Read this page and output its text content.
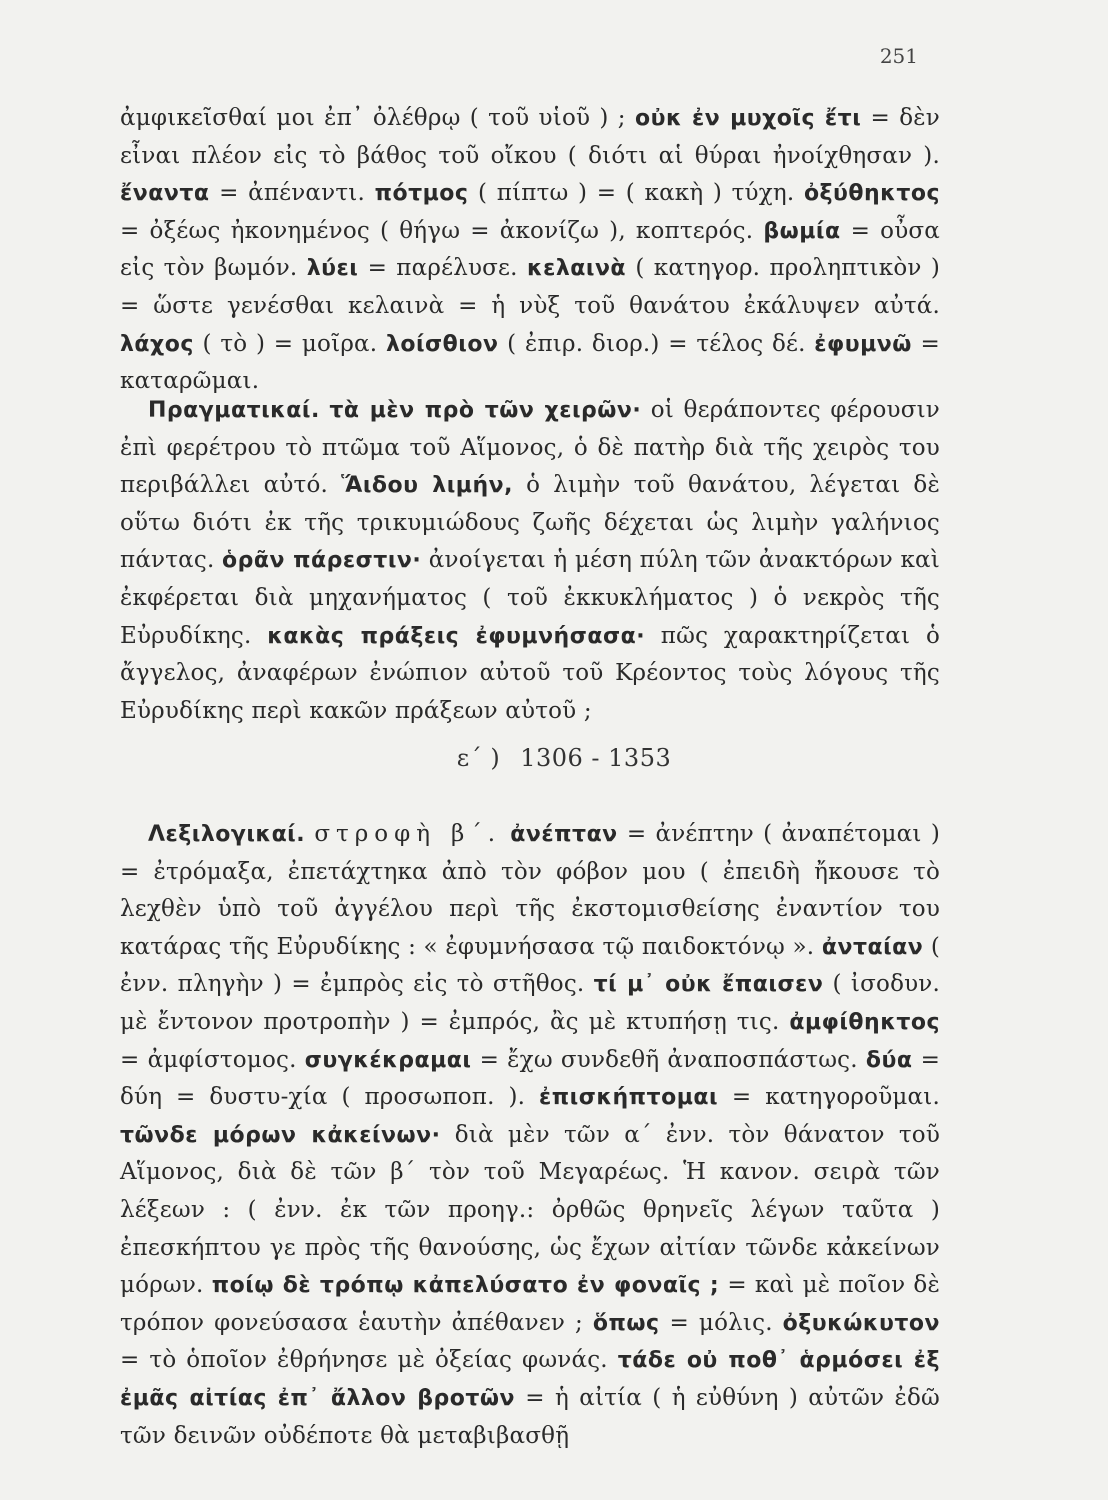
251
ἀμφικεῖσθαί μοι ἐπ᾽ ὀλέθρῳ ( τοῦ υἱοῦ ) ; οὐκ ἐν μυχοῖς ἔτι = δὲν εἶναι πλέον εἰς τὸ βάθος τοῦ οἴκου ( διότι αἱ θύραι ἠνοίχθησαν ). ἔναντα = ἀπέναντι. πότμος ( πίπτω ) = ( κακὴ ) τύχη. ὀξύθηκτος = ὀξέως ἠκονημένος ( θήγω = ἀκονίζω ), κοπτερός. βωμία = οὖσα εἰς τὸν βωμόν. λύει = παρέλυσε. κελαινὰ ( κατηγορ. προληπτικὸν ) = ὥστε γενέσθαι κελαινὰ = ἡ νὺξ τοῦ θανάτου ἐκάλυψεν αὐτά. λάχος ( τὸ ) = μοῖρα. λοίσθιον ( ἐπιρ. διορ.) = τέλος δέ. ἐφυμνῶ = καταρῶμαι.
Πραγματικαί. τὰ μὲν πρὸ τῶν χειρῶν· οἱ θεράποντες φέρουσιν ἐπὶ φερέτρου τὸ πτῶμα τοῦ Αἵμονος, ὁ δὲ πατὴρ διὰ τῆς χειρὸς του περιβάλλει αὐτό. Ἅιδου λιμήν, ὁ λιμὴν τοῦ θανάτου, λέγεται δὲ οὕτω διότι ἐκ τῆς τρικυμιώδους ζωῆς δέχεται ὡς λιμὴν γαλήνιος πάντας. ὁρᾶν πάρεστιν· ἀνοίγεται ἡ μέση πύλη τῶν ἀνακτόρων καὶ ἐκφέρεται διὰ μηχανήματος ( τοῦ ἐκκυκλήματος ) ὁ νεκρὸς τῆς Εὐρυδίκης. κακὰς πράξεις ἐφυμνήσασα· πῶς χαρακτηρίζεται ὁ ἄγγελος, ἀναφέρων ἐνώπιον αὐτοῦ τοῦ Κρέοντος τοὺς λόγους τῆς Εὐρυδίκης περὶ κακῶν πράξεων αὐτοῦ ;
ε´ ) 1306 - 1353
Λεξιλογικαί. στροφὴ β´. ἀνέπταν = ἀνέπτην ( ἀναπέτομαι ) = ἐτρόμαξα, ἐπετάχτηκα ἀπὸ τὸν φόβον μου ( ἐπειδὴ ἤκουσε τὸ λεχθὲν ὑπὸ τοῦ ἀγγέλου περὶ τῆς ἐκστομισθείσης ἐναντίον του κατάρας τῆς Εὐρυδίκης : « ἐφυμνήσασα τῷ παιδοκτόνῳ ». ἀνταίαν ( ἐνν. πληγὴν ) = ἐμπρὸς εἰς τὸ στῆθος. τί μ᾽ οὐκ ἔπαισεν ( ἰσοδυν. μὲ ἔντονον προτροπὴν ) = ἐμπρός, ἂς μὲ κτυπήσῃ τις. ἀμφίθηκτος = ἀμφίστομος. συγκέκραμαι = ἔχω συνδεθῆ ἀναποσπάστως. δύα = δύη = δυστυ-χία ( προσωποπ. ). ἐπισκήπτομαι = κατηγοροῦμαι. τῶνδε μόρων κἀκείνων· διὰ μὲν τῶν α´ ἐνν. τὸν θάνατον τοῦ Αἵμονος, διὰ δὲ τῶν β´ τὸν τοῦ Μεγαρέως. Ἡ κανον. σειρὰ τῶν λέξεων : ( ἐνν. ἐκ τῶν προηγ.: ὀρθῶς θρηνεῖς λέγων ταῦτα ) ἐπεσκήπτου γε πρὸς τῆς θανούσης, ὡς ἔχων αἰτίαν τῶνδε κἀκείνων μόρων. ποίῳ δὲ τρόπῳ κἀπελύσατο ἐν φοναῖς ; = καὶ μὲ ποῖον δὲ τρόπον φονεύσασα ἑαυτὴν ἀπέθανεν ; ὅπως = μόλις. ὀξυκώκυτον = τὸ ὁποῖον ἐθρήνησε μὲ ὀξείας φωνάς. τάδε οὐ ποθ᾽ ἁρμόσει ἐξ ἐμᾶς αἰτίας ἐπ᾽ ἄλλον βροτῶν = ἡ αἰτία ( ἡ εὐθύνη ) αὐτῶν ἐδῶ τῶν δεινῶν οὐδέποτε θὰ μεταβιβασθῇ
